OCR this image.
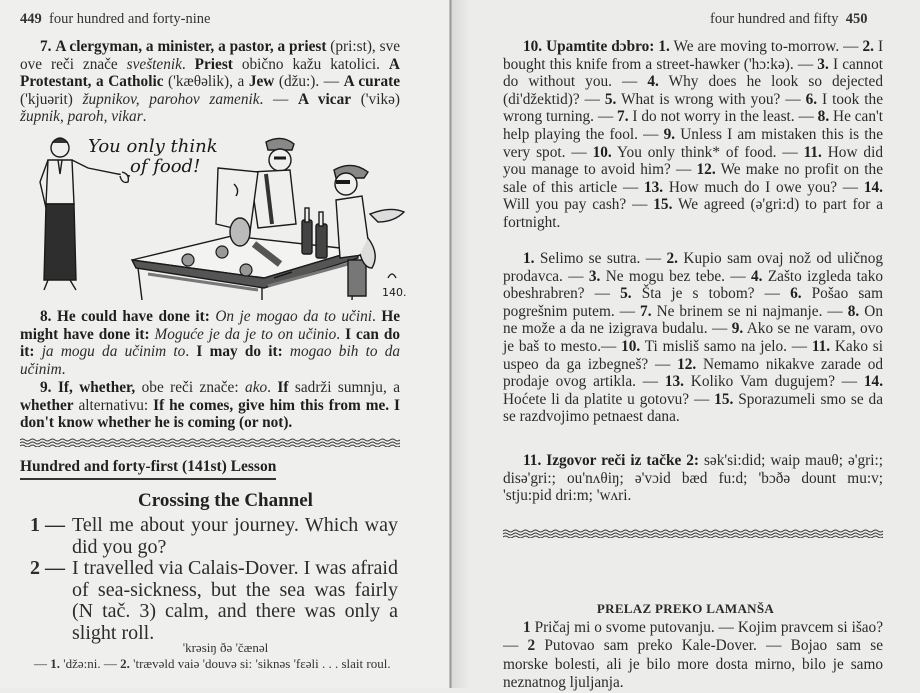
449 four hundred and forty-nine
7. A clergyman, a minister, a pastor, a priest (pri:st), sve ove reči znače sveštenik. Priest obično kažu katolici. A Protestant, a Catholic ('kæθəlik), a Jew (džu:). — A curate ('kjuərit) župnikov, parohov zamenik. — A vicar ('vikə) župnik, paroh, vikar.
You only think
of food!
140.
8. He could have done it: On je mogao da to učini. He might have done it: Moguće je da je to on učinio. I can do it: ja mogu da učinim to. I may do it: mogao bih to da učinim.
9. If, whether, obe reči znače: ako. If sadrži sumnju, a whether alternativu: If he comes, give him this from me. I don't know whether he is coming (or not).
Hundred and forty-first (141st) Lesson
Crossing the Channel
1 — Tell me about your journey. Which way did you go?
2 — I travelled via Calais-Dover. I was afraid of sea-sickness, but the sea was fairly (N tač. 3) calm, and there was only a slight roll.
'krəsiŋ ðə 'čænəl
— 1. 'džə:ni. — 2. 'trævəld vaiə 'douvə si: 'siknəs 'fɛəli . . . slait roul.
four hundred and fifty 450
10. Upamtite dɔbro: 1. We are moving to-morrow. — 2. I bought this knife from a street-hawker ('hɔ:kə). — 3. I cannot do without you. — 4. Why does he look so dejected (di'džektid)? — 5. What is wrong with you? — 6. I took the wrong turning. — 7. I do not worry in the least. — 8. He can't help playing the fool. — 9. Unless I am mistaken this is the very spot. — 10. You only think* of food. — 11. How did you manage to avoid him? — 12. We make no profit on the sale of this article — 13. How much do I owe you? — 14. Will you pay cash? — 15. We agreed (ə'gri:d) to part for a fortnight.
1. Selimo se sutra. — 2. Kupio sam ovaj nož od uličnog prodavca. — 3. Ne mogu bez tebe. — 4. Zašto izgleda tako obeshrabren? — 5. Šta je s tobom? — 6. Pošao sam pogrešnim putem. — 7. Ne brinem se ni najmanje. — 8. On ne može a da ne izigrava budalu. — 9. Ako se ne varam, ovo je baš to mesto.— 10. Ti misliš samo na jelo. — 11. Kako si uspeo da ga izbegneš? — 12. Nemamo nikakve zarade od prodaje ovog artikla. — 13. Koliko Vam dugujem? — 14. Hoćete li da platite u gotovu? — 15. Sporazumeli smo se da se razdvojimo petnaest dana.
11. Izgovor reči iz tačke 2: sək'si:did; waip mauθ; ə'gri:; disə'gri:; ou'nʌθiŋ; ə'vɔid bæd fu:d; 'bɔðə dount mu:v; 'stju:pid dri:m; 'wʌri.
PRELAZ PREKO LAMANŠA
1 Pričaj mi o svome putovanju. — Kojim pravcem si išao? — 2 Putovao sam preko Kale-Dover. — Bojao sam se morske bolesti, ali je bilo more dosta mirno, bilo je samo neznatnog ljuljanja.
